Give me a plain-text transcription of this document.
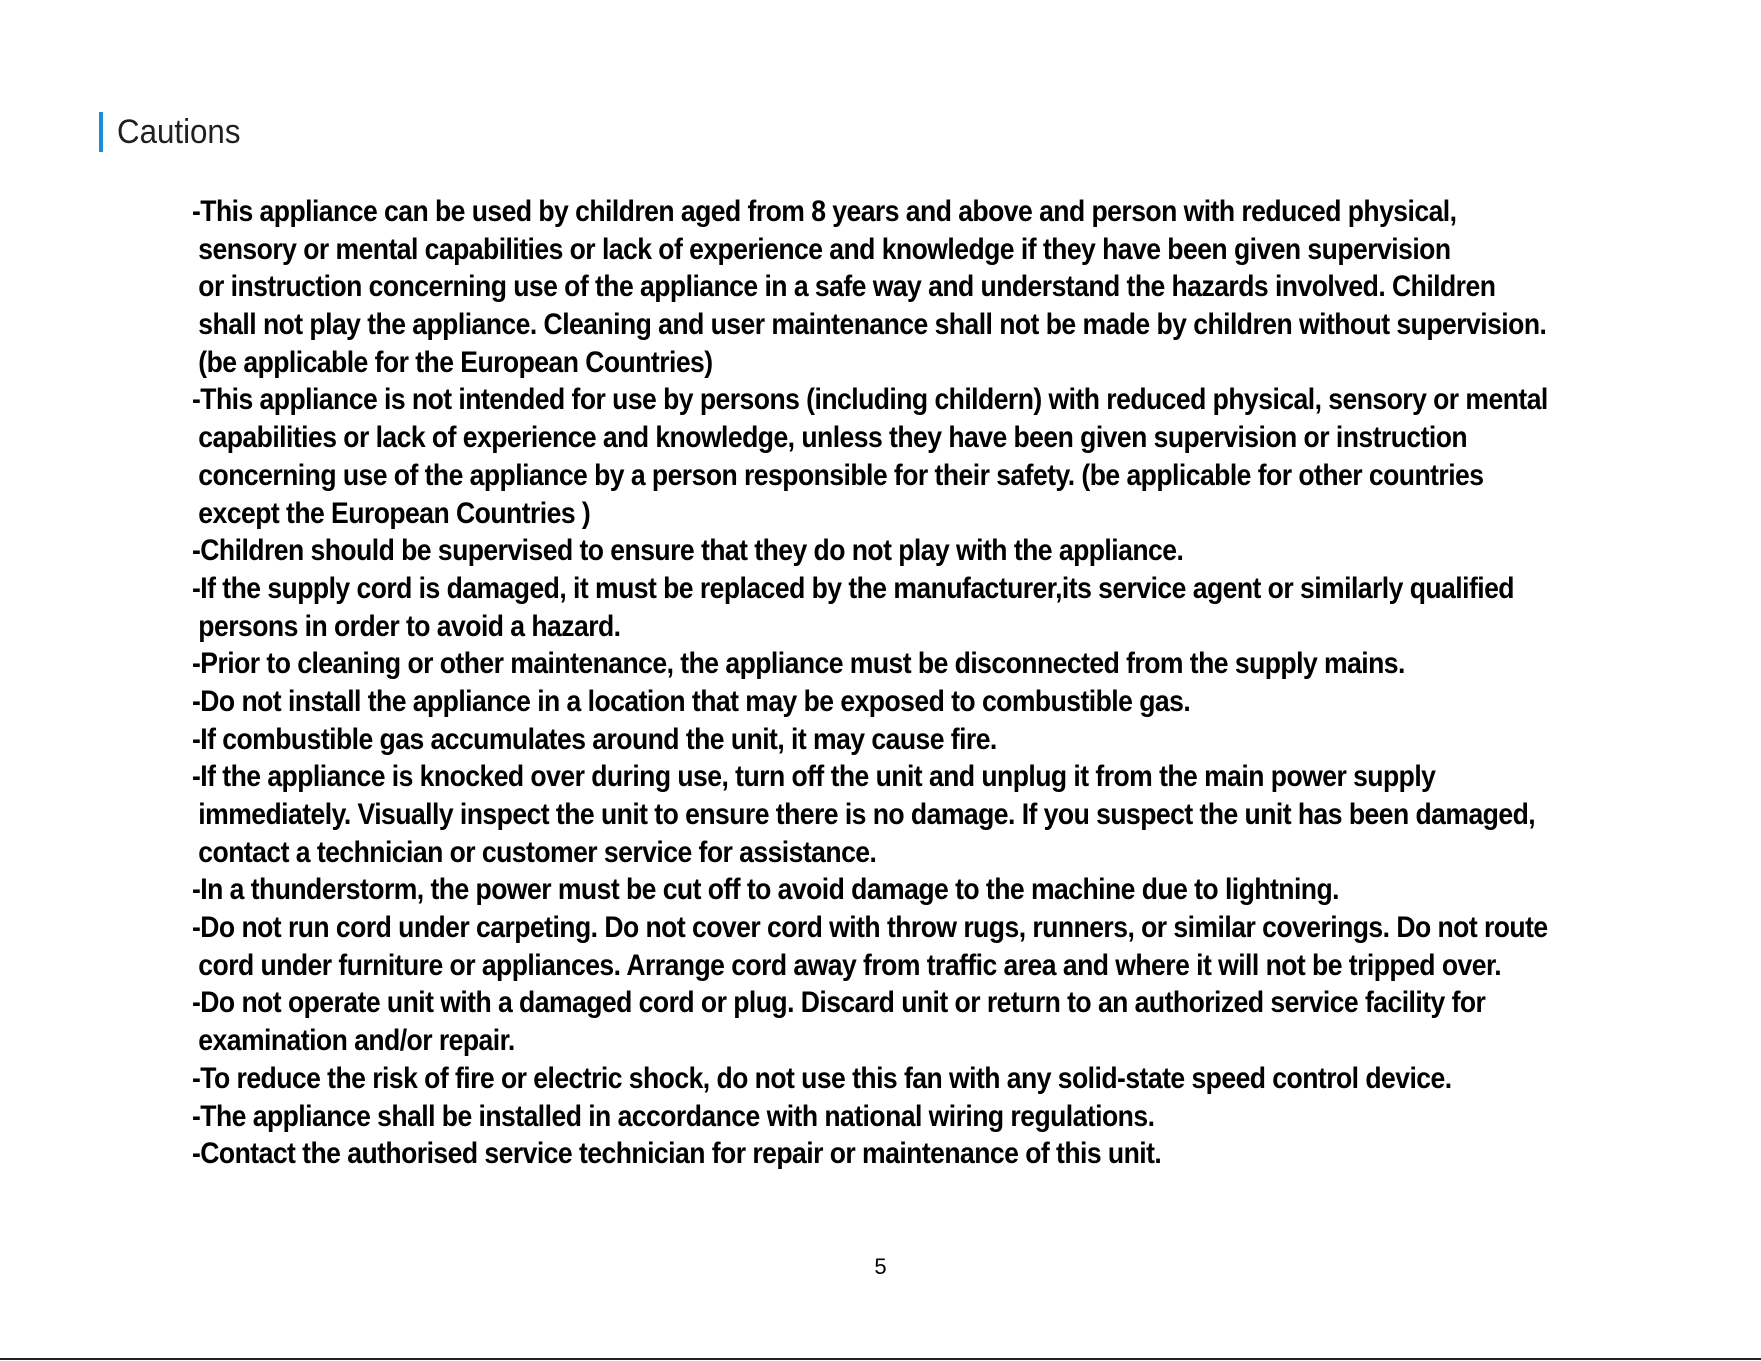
Cautions
-This appliance can be used by children aged from 8 years and above and person with reduced physical,
sensory or mental capabilities or lack of experience and knowledge if they have been given supervision
or instruction concerning use of the appliance in a safe way and understand the hazards involved. Children
shall not play the appliance. Cleaning and user maintenance shall not be made by children without supervision.
(be applicable for the European Countries)
-This appliance is not intended for use by persons (including childern) with reduced physical, sensory or mental
capabilities or lack of experience and knowledge, unless they have been given supervision or instruction
concerning use of the appliance by a person responsible for their safety. (be applicable for other countries
except the European Countries )
-Children should be supervised to ensure that they do not play with the appliance.
-If the supply cord is damaged, it must be replaced by the manufacturer,its service agent or similarly qualified
persons in order to avoid a hazard.
-Prior to cleaning or other maintenance, the appliance must be disconnected from the supply mains.
-Do not install the appliance in a location that may be exposed to combustible gas.
-If combustible gas accumulates around the unit, it may cause fire.
-If the appliance is knocked over during use, turn off the unit and unplug it from the main power supply
immediately. Visually inspect the unit to ensure there is no damage. If you suspect the unit has been damaged,
contact a technician or customer service for assistance.
-In a thunderstorm, the power must be cut off to avoid damage to the machine due to lightning.
-Do not run cord under carpeting. Do not cover cord with throw rugs, runners, or similar coverings. Do not route
cord under furniture or appliances. Arrange cord away from traffic area and where it will not be tripped over.
-Do not operate unit with a damaged cord or plug. Discard unit or return to an authorized service facility for
examination and/or repair.
-To reduce the risk of fire or electric shock, do not use this fan with any solid-state speed control device.
-The appliance shall be installed in accordance with national wiring regulations.
-Contact the authorised service technician for repair or maintenance of this unit.
5
